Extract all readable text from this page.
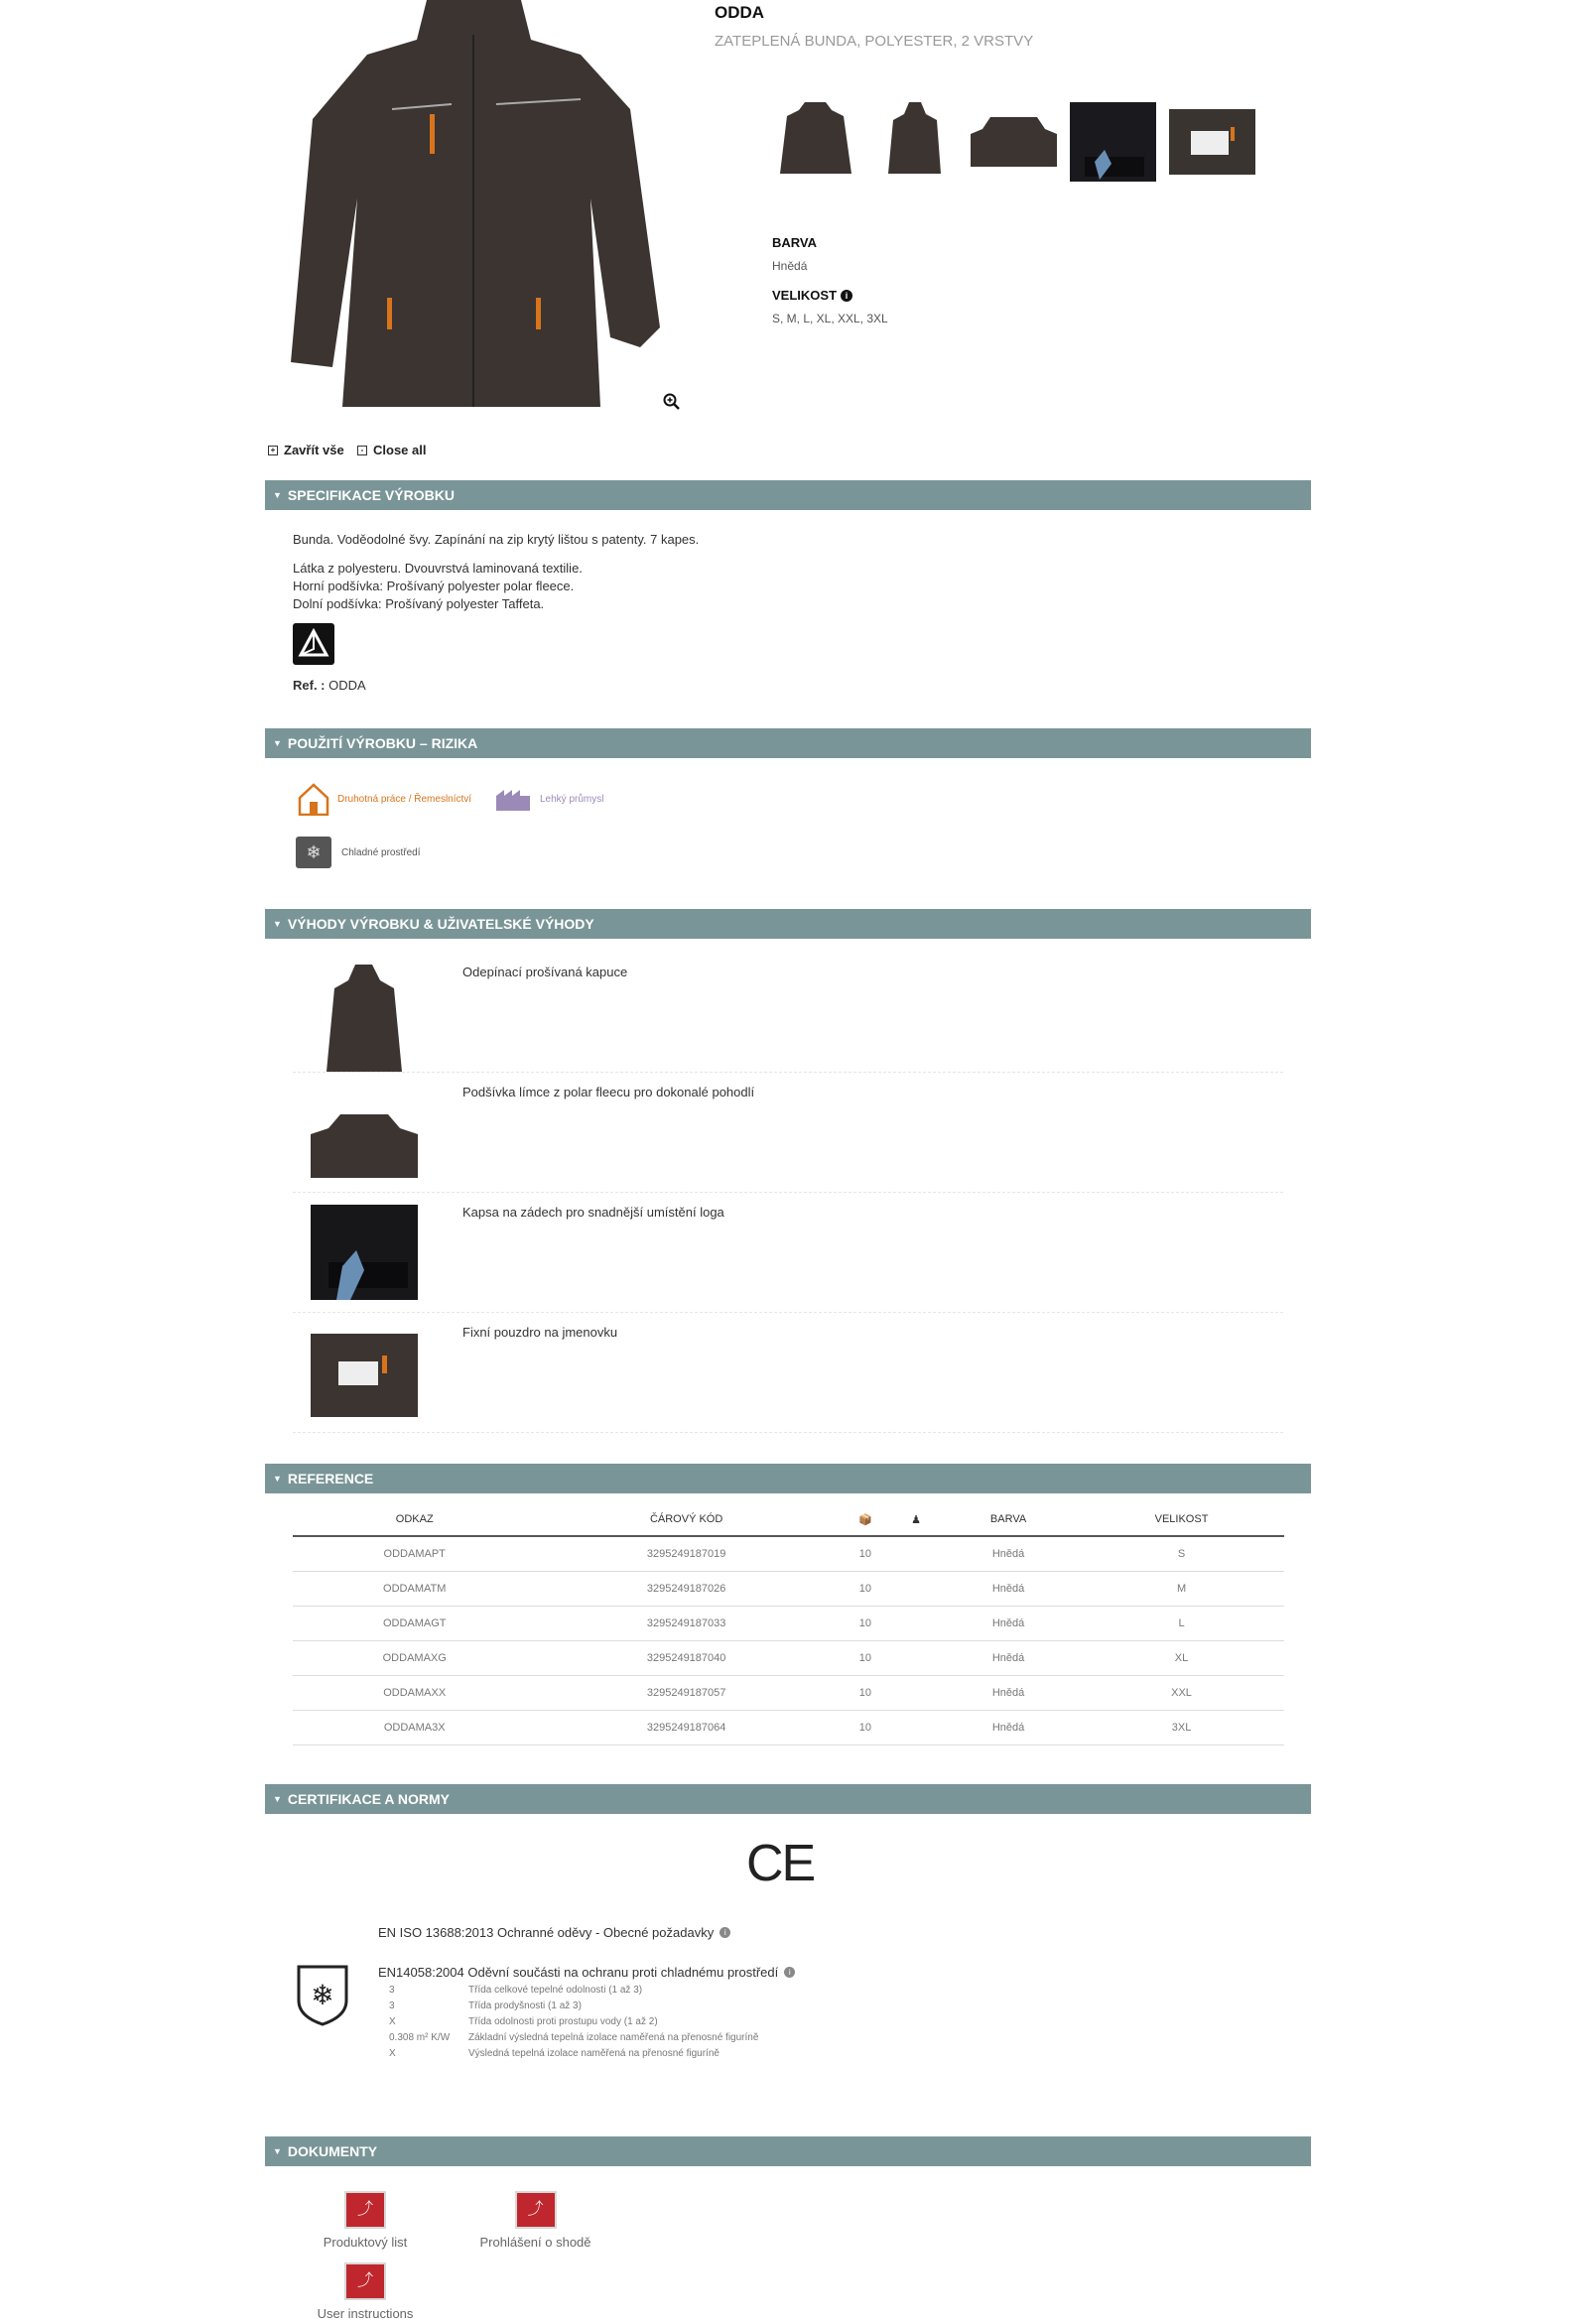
ODDA
ZATEPLENÁ BUNDA, POLYESTER, 2 VRSTVY
BARVA
Hnědá
VELIKOST i
S, M, L, XL, XXL, 3XL
+ Zavřít vše	- Close all
▼ SPECIFIKACE VÝROBKU
Bunda. Voděodolné švy. Zapínání na zip krytý lištou s patenty. 7 kapes.
Látka z polyesteru. Dvouvrstvá laminovaná textilie.
Horní podšívka: Prošívaný polyester polar fleece.
Dolní podšívka: Prošívaný polyester Taffeta.
Ref. : ODDA
▼ POUŽITÍ VÝROBKU – RIZIKA
Druhotná práce / Řemeslníctví	Lehký průmysl
❄	Chladné prostředí
▼ VÝHODY VÝROBKU & UŽIVATELSKÉ VÝHODY
Odepínací prošívaná kapuce
Podšívka límce z polar fleecu pro dokonalé pohodlí
Kapsa na zádech pro snadnější umístění loga
Fixní pouzdro na jmenovku
▼ REFERENCE
ODKAZ	ČÁROVÝ KÓD	📦	♟	BARVA	VELIKOST
ODDAMAPT	3295249187019	10		Hnědá	S
ODDAMATM	3295249187026	10		Hnědá	M
ODDAMAGT	3295249187033	10		Hnědá	L
ODDAMAXG	3295249187040	10		Hnědá	XL
ODDAMAXX	3295249187057	10		Hnědá	XXL
ODDAMA3X	3295249187064	10		Hnědá	3XL
▼ CERTIFIKACE A NORMY
CE
EN ISO 13688:2013 Ochranné oděvy - Obecné požadavky	i
❄
EN14058:2004 Oděvní součásti na ochranu proti chladnému prostředí	i
3	Třída celkové tepelné odolnosti (1 až 3)
3	Třída prodyšnosti (1 až 3)
X	Třída odolnosti proti prostupu vody (1 až 2)
0.308 m² K/W Základní výsledná tepelná izolace naměřená na přenosné figuríně
X	Výsledná tepelná izolace naměřená na přenosné figuríně
▼ DOKUMENTY
⤴
Produktový list
⤴
Prohlášení o shodě
⤴
User instructions
